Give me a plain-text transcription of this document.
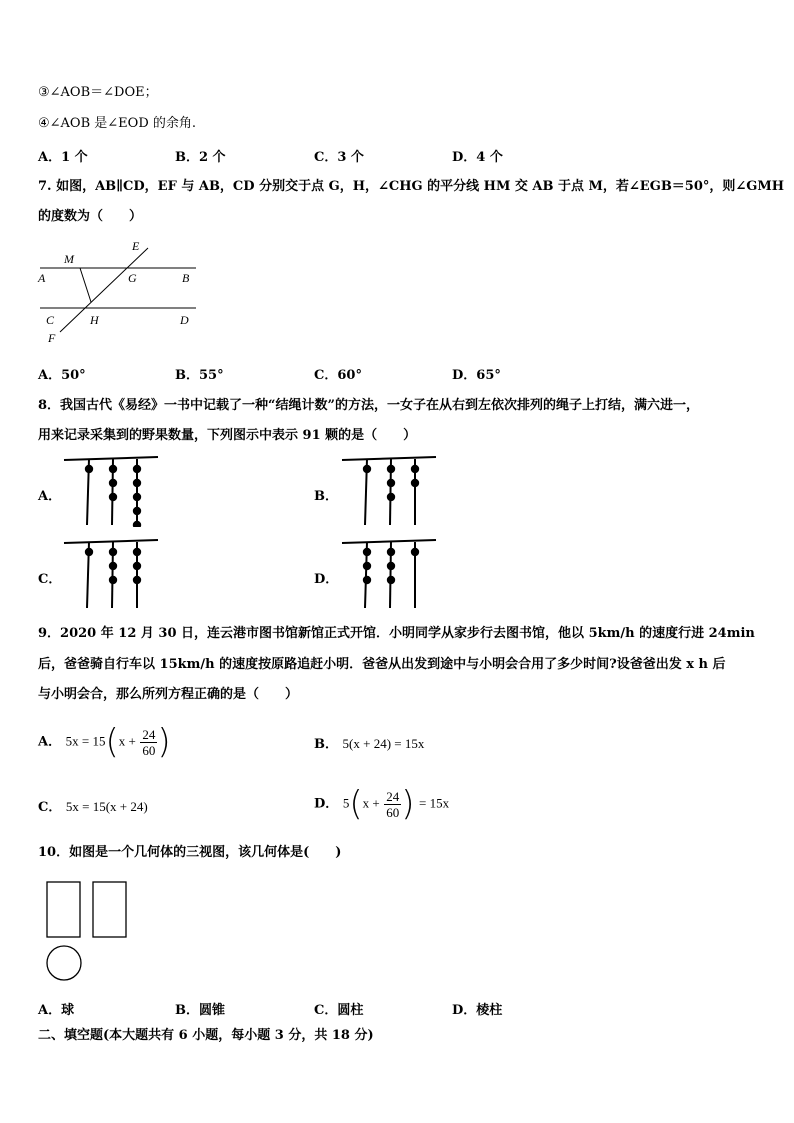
③∠AOB＝∠DOE；
④∠AOB 是∠EOD 的余角.
A．1 个	B．2 个	C．3 个	D．4 个
7. 如图，AB∥CD，EF 与 AB，CD 分别交于点 G，H，∠CHG 的平分线 HM 交 AB 于点 M，若∠EGB＝50°，则∠GMH
的度数为（　　）
E
M
A	G	B
C	H	D
F
A．50°	B．55°	C．60°	D．65°
8．我国古代《易经》一书中记载了一种“结绳计数”的方法，一女子在从右到左依次排列的绳子上打结，满六进一，
用来记录采集到的野果数量，下列图示中表示 91 颗的是（　　）
A．	B．
C．	D．
9．2020 年 12 月 30 日，连云港市图书馆新馆正式开馆．小明同学从家步行去图书馆，他以 5km/h 的速度行进 24min
后，爸爸骑自行车以 15km/h 的速度按原路追赶小明．爸爸从出发到途中与小明会合用了多少时间?设爸爸出发 x h 后
与小明会合，那么所列方程正确的是（　　）
A． $5x = 15(x + \frac{24}{60}$ )	B． 5(x + 24) = 15x
C． 5x = 15(x + 24)	D． $5(x + \frac{24}{60}$ ) = 15x
10．如图是一个几何体的三视图，该几何体是(　　)
A．球	B．圆锥	C．圆柱	D．棱柱
二、填空题(本大题共有 6 小题，每小题 3 分，共 18 分)
